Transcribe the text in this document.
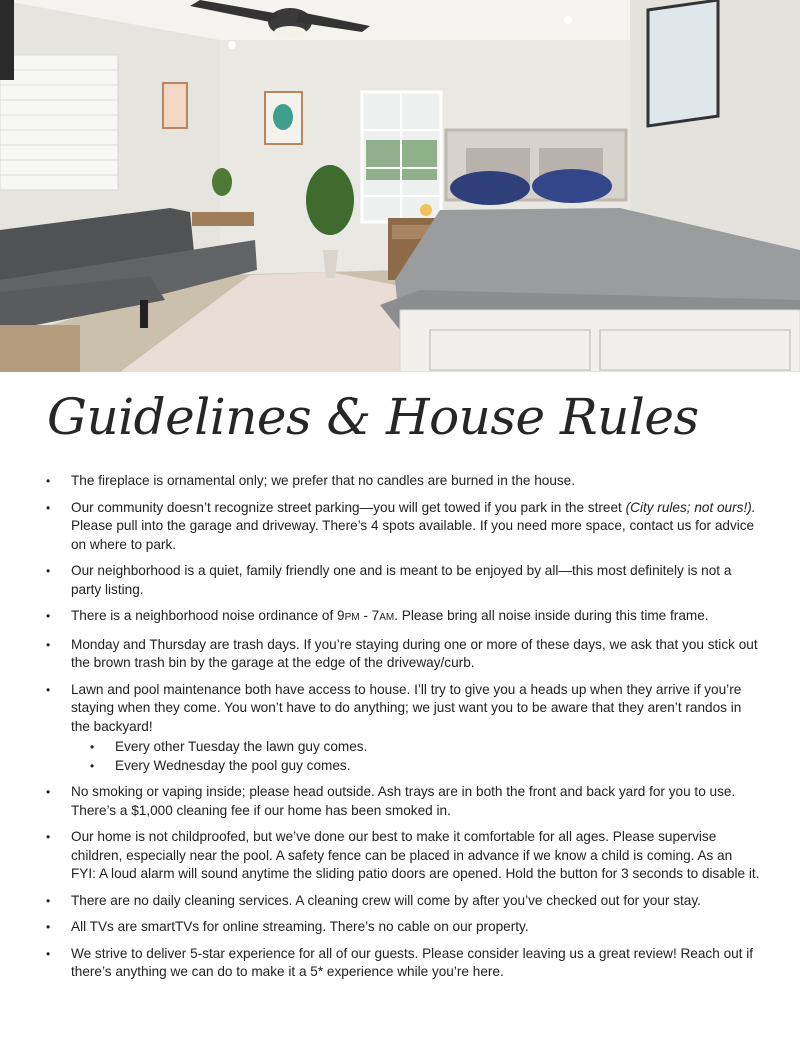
Guidelines & House Rules
• The fireplace is ornamental only; we prefer that no candles are burned in the house.
• Our community doesn’t recognize street parking—you will get towed if you park in the street (City rules; not ours!). Please pull into the garage and driveway. There’s 4 spots available. If you need more space, contact us for advice on where to park.
• Our neighborhood is a quiet, family friendly one and is meant to be enjoyed by all—this most definitely is not a party listing.
• There is a neighborhood noise ordinance of 9PM - 7AM. Please bring all noise inside during this time frame.
• Monday and Thursday are trash days. If you’re staying during one or more of these days, we ask that you stick out the brown trash bin by the garage at the edge of the driveway/curb.
• Lawn and pool maintenance both have access to house. I’ll try to give you a heads up when they arrive if you’re staying when they come. You won’t have to do anything; we just want you to be aware that they aren’t randos in the backyard!
• Every other Tuesday the lawn guy comes.
• Every Wednesday the pool guy comes.
• No smoking or vaping inside; please head outside. Ash trays are in both the front and back yard for you to use. There’s a $1,000 cleaning fee if our home has been smoked in.
• Our home is not childproofed, but we’ve done our best to make it comfortable for all ages. Please supervise children, especially near the pool. A safety fence can be placed in advance if we know a child is coming. As an FYI: A loud alarm will sound anytime the sliding patio doors are opened. Hold the button for 3 seconds to disable it.
• There are no daily cleaning services. A cleaning crew will come by after you’ve checked out for your stay.
• All TVs are smartTVs for online streaming. There’s no cable on our property.
• We strive to deliver 5-star experience for all of our guests. Please consider leaving us a great review! Reach out if there’s anything we can do to make it a 5* experience while you’re here.
